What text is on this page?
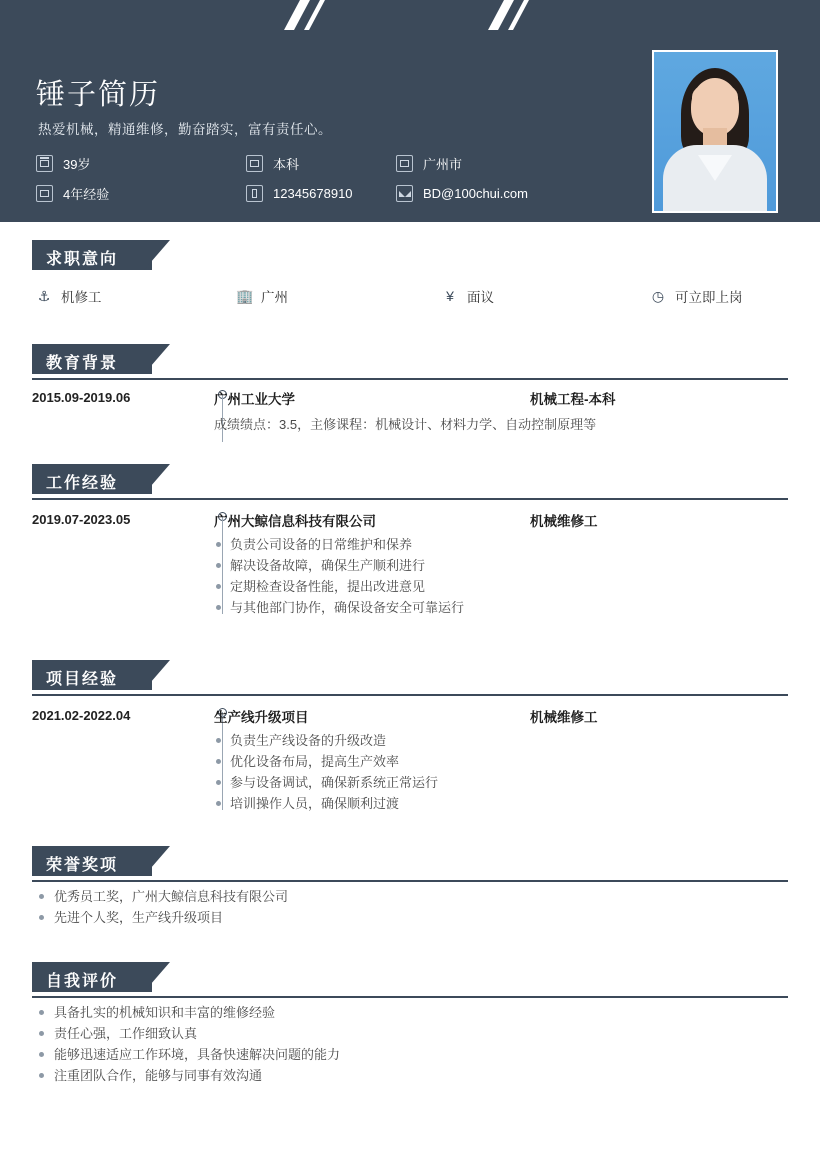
锤子简历
热爱机械，精通维修，勤奋踏实，富有责任心。
39岁	本科	广州市
4年经验	12345678910	BD@100chui.com
求职意向
⚓ 机修工	🏢 广州	¥ 面议	◷ 可立即上岗
教育背景
2015.09-2019.06	广州工业大学	机械工程-本科
成绩绩点：3.5，主修课程：机械设计、材料力学、自动控制原理等
工作经验
2019.07-2023.05	广州大鲸信息科技有限公司	机械维修工
负责公司设备的日常维护和保养
解决设备故障，确保生产顺利进行
定期检查设备性能，提出改进意见
与其他部门协作，确保设备安全可靠运行
项目经验
2021.02-2022.04	生产线升级项目	机械维修工
负责生产线设备的升级改造
优化设备布局，提高生产效率
参与设备调试，确保新系统正常运行
培训操作人员，确保顺利过渡
荣誉奖项
优秀员工奖，广州大鲸信息科技有限公司
先进个人奖，生产线升级项目
自我评价
具备扎实的机械知识和丰富的维修经验
责任心强，工作细致认真
能够迅速适应工作环境，具备快速解决问题的能力
注重团队合作，能够与同事有效沟通
